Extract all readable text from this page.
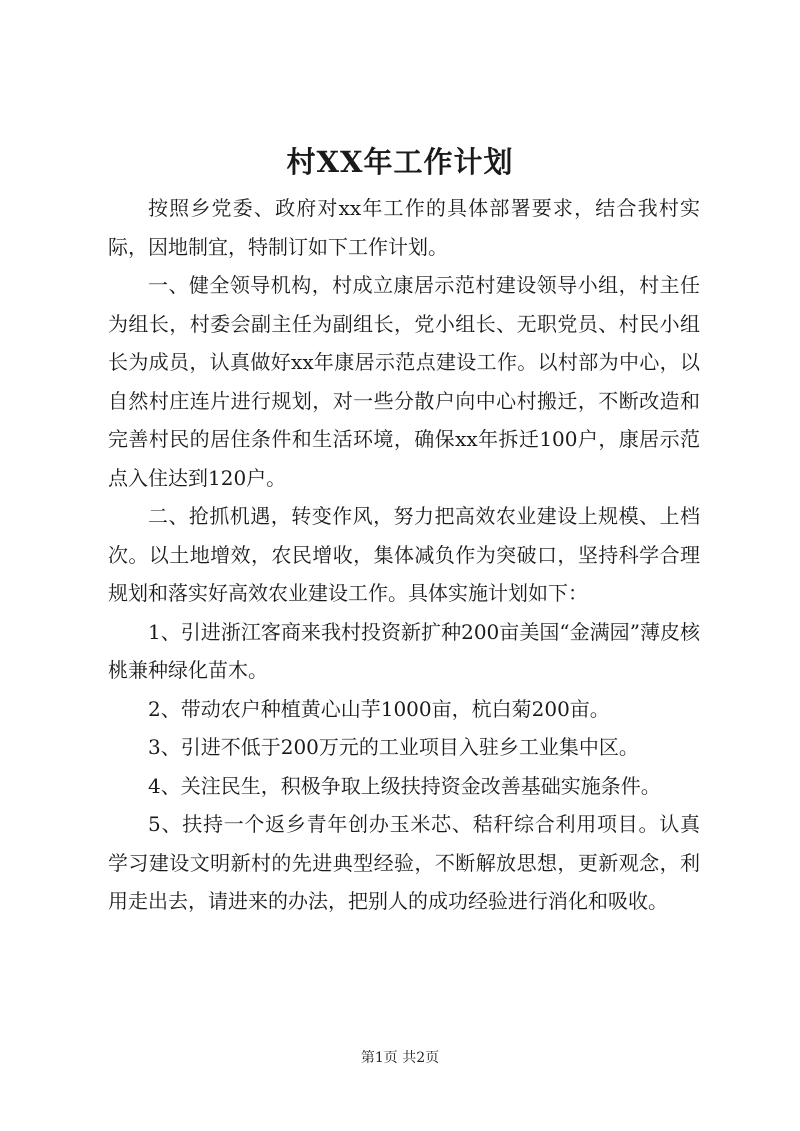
村XX年工作计划

按照乡党委、政府对xx年工作的具体部署要求，结合我村实际，因地制宜，特制订如下工作计划。

一、健全领导机构，村成立康居示范村建设领导小组，村主任为组长，村委会副主任为副组长，党小组长、无职党员、村民小组长为成员，认真做好xx年康居示范点建设工作。以村部为中心，以自然村庄连片进行规划，对一些分散户向中心村搬迁，不断改造和完善村民的居住条件和生活环境，确保xx年拆迁100户，康居示范点入住达到120户。

二、抢抓机遇，转变作风，努力把高效农业建设上规模、上档次。以土地增效，农民增收，集体减负作为突破口，坚持科学合理规划和落实好高效农业建设工作。具体实施计划如下：

1、引进浙江客商来我村投资新扩种200亩美国“金满园”薄皮核桃兼种绿化苗木。

2、带动农户种植黄心山芋1000亩，杭白菊200亩。

3、引进不低于200万元的工业项目入驻乡工业集中区。

4、关注民生，积极争取上级扶持资金改善基础实施条件。

5、扶持一个返乡青年创办玉米芯、秸秆综合利用项目。认真学习建设文明新村的先进典型经验，不断解放思想，更新观念，利用走出去，请进来的办法，把别人的成功经验进行消化和吸收。

第1页 共2页
